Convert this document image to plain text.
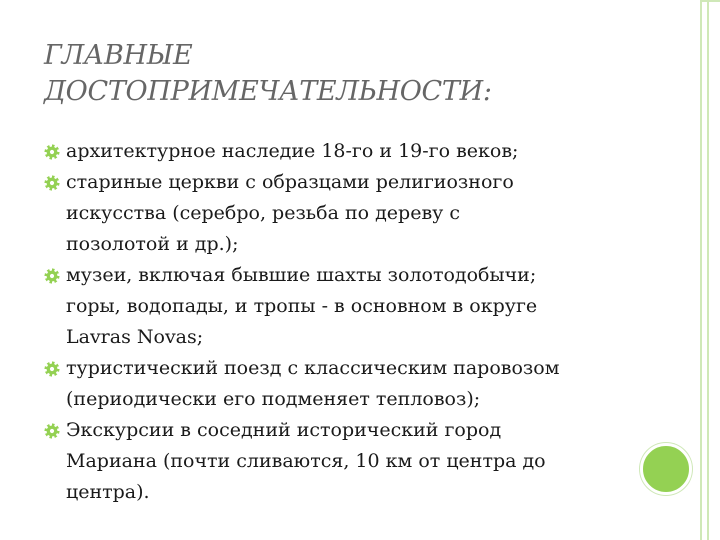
ГЛАВНЫЕ
ДОСТОПРИМЕЧАТЕЛЬНОСТИ:
архитектурное наследие 18-го и 19-го веков;
стариные церкви с образцами религиозного
искусства (серебро, резьба по дереву с
позолотой и др.);
музеи, включая бывшие шахты золотодобычи;
горы, водопады, и тропы - в основном в округе
Lavras Novas;
туристический поезд с классическим паровозом
(периодически его подменяет тепловоз);
Экскурсии в соседний исторический город
Мариана (почти сливаются, 10 км от центра до
центра).
